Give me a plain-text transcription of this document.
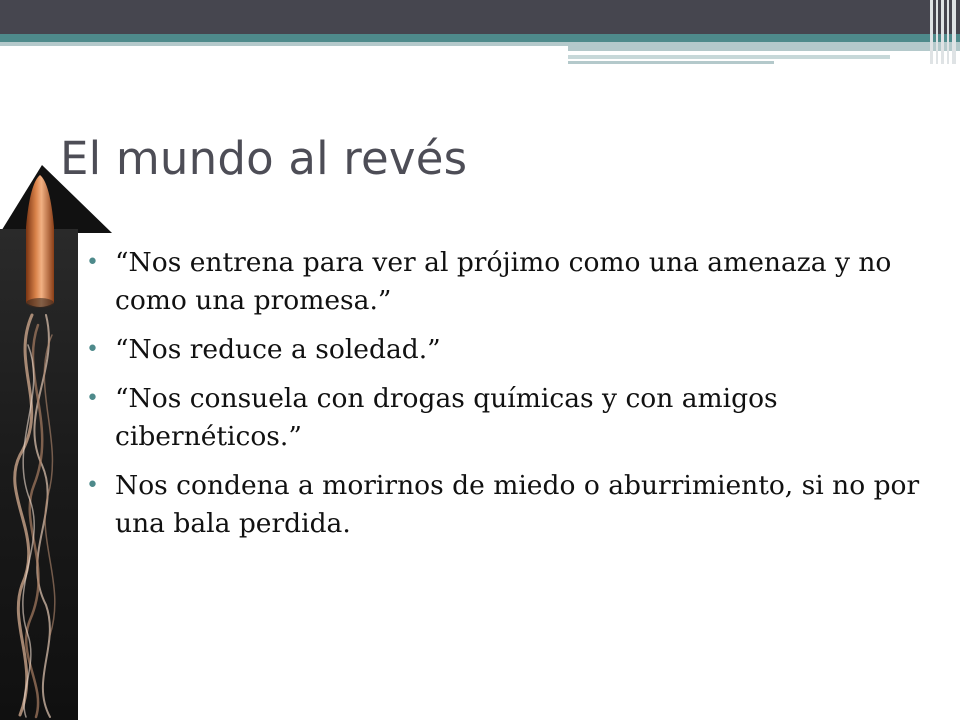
El mundo al revés
• “Nos entrena para ver al prójimo como una amenaza y no como una promesa.”
• “Nos reduce a soledad.”
• “Nos consuela con drogas químicas y con amigos cibernéticos.”
• Nos condena a morirnos de miedo o aburrimiento, si no por una bala perdida.
